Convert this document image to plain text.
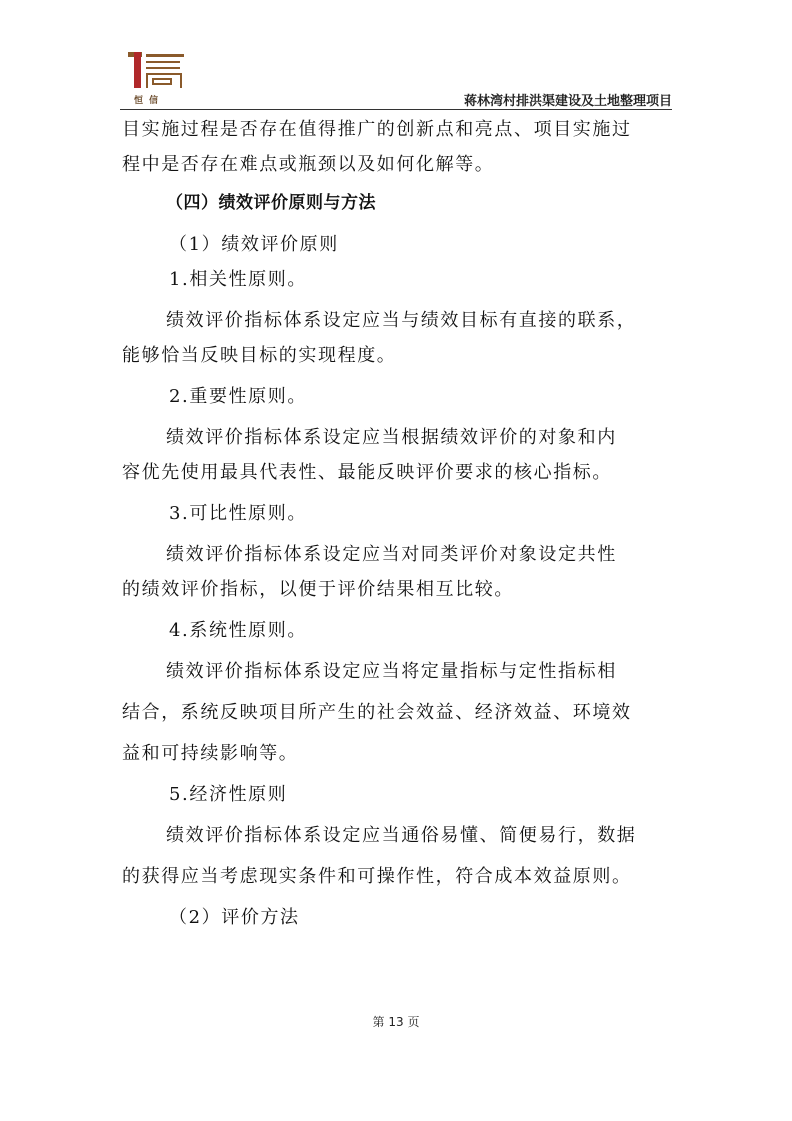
恒信	蒋林湾村排洪渠建设及土地整理项目

目实施过程是否存在值得推广的创新点和亮点、项目实施过

程中是否存在难点或瓶颈以及如何化解等。

（四）绩效评价原则与方法

（1）绩效评价原则

1.相关性原则。

绩效评价指标体系设定应当与绩效目标有直接的联系，

能够恰当反映目标的实现程度。

2.重要性原则。

绩效评价指标体系设定应当根据绩效评价的对象和内

容优先使用最具代表性、最能反映评价要求的核心指标。

3.可比性原则。

绩效评价指标体系设定应当对同类评价对象设定共性

的绩效评价指标，以便于评价结果相互比较。

4.系统性原则。

绩效评价指标体系设定应当将定量指标与定性指标相

结合，系统反映项目所产生的社会效益、经济效益、环境效

益和可持续影响等。

5.经济性原则

绩效评价指标体系设定应当通俗易懂、简便易行，数据

的获得应当考虑现实条件和可操作性，符合成本效益原则。

（2）评价方法

第 13 页
